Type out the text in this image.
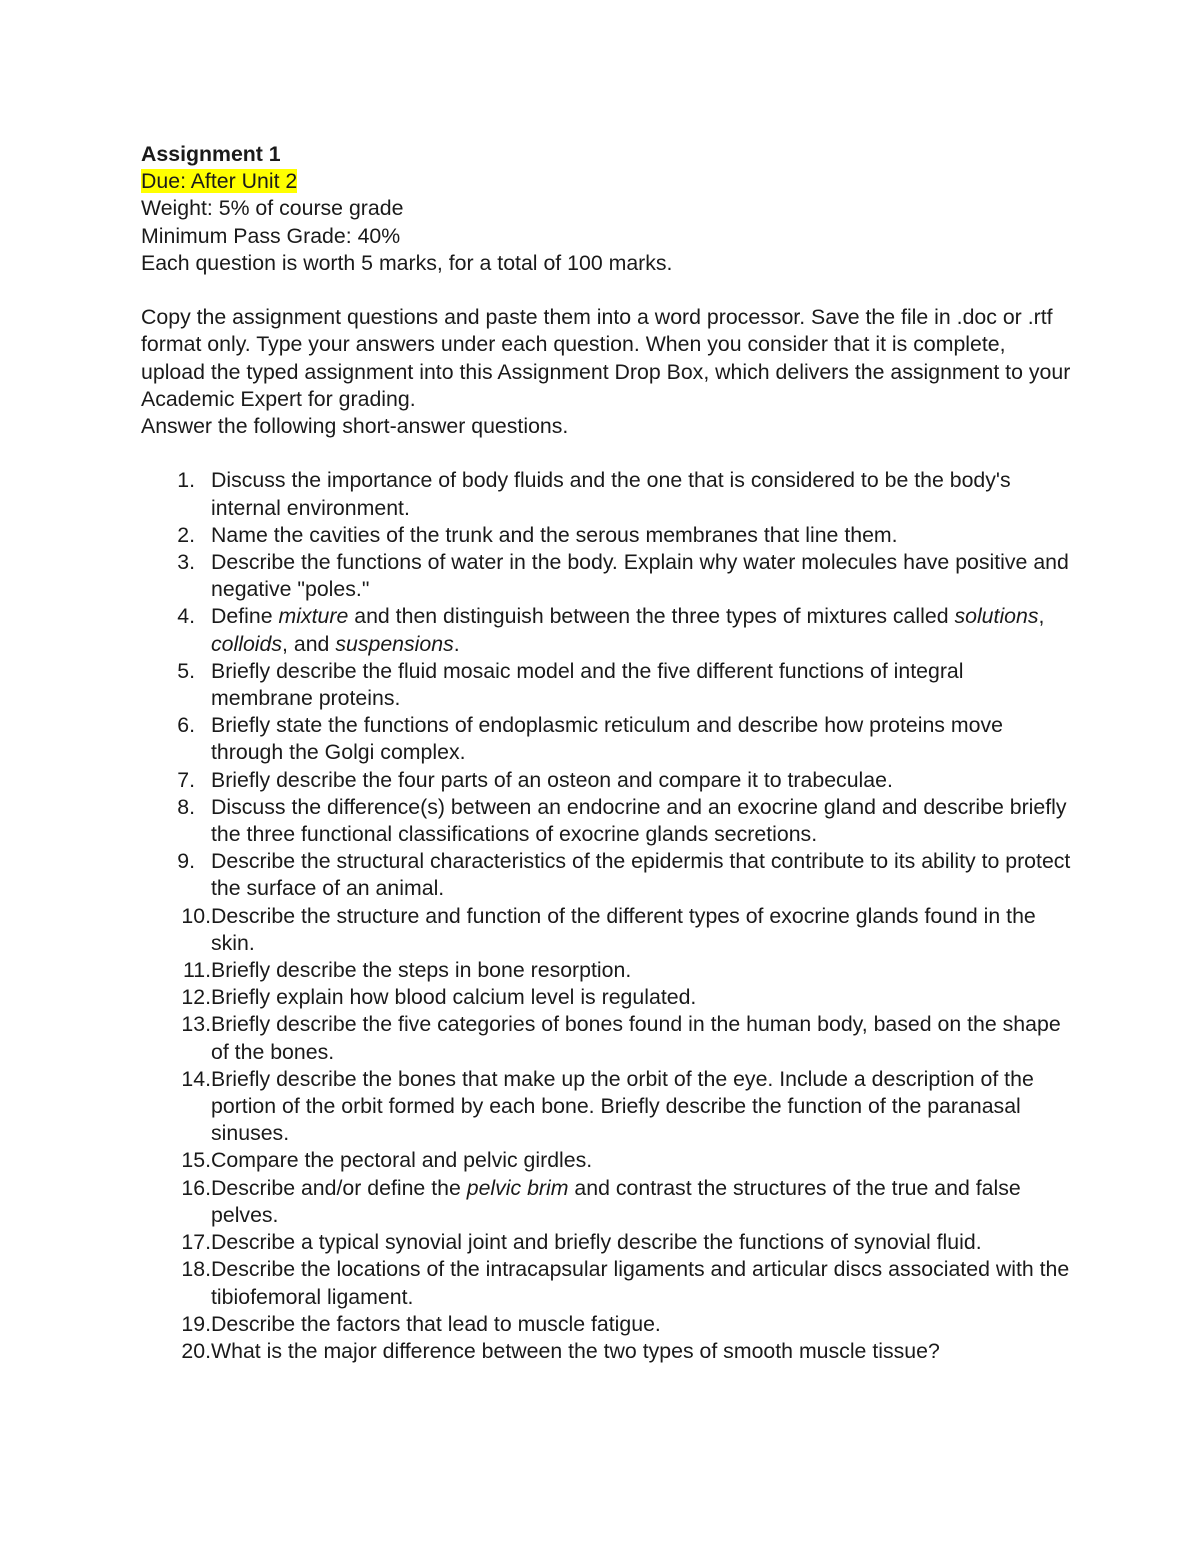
Assignment 1

Due: After Unit 2

Weight: 5% of course grade

Minimum Pass Grade: 40%

Each question is worth 5 marks, for a total of 100 marks.

Copy the assignment questions and paste them into a word processor. Save the file in .doc or .rtf format only. Type your answers under each question. When you consider that it is complete, upload the typed assignment into this Assignment Drop Box, which delivers the assignment to your Academic Expert for grading.

Answer the following short-answer questions.

1. Discuss the importance of body fluids and the one that is considered to be the body's internal environment.
2. Name the cavities of the trunk and the serous membranes that line them.
3. Describe the functions of water in the body. Explain why water molecules have positive and negative "poles."
4. Define mixture and then distinguish between the three types of mixtures called solutions, colloids, and suspensions.
5. Briefly describe the fluid mosaic model and the five different functions of integral membrane proteins.
6. Briefly state the functions of endoplasmic reticulum and describe how proteins move through the Golgi complex.
7. Briefly describe the four parts of an osteon and compare it to trabeculae.
8. Discuss the difference(s) between an endocrine and an exocrine gland and describe briefly the three functional classifications of exocrine glands secretions.
9. Describe the structural characteristics of the epidermis that contribute to its ability to protect the surface of an animal.
10. Describe the structure and function of the different types of exocrine glands found in the skin.
11. Briefly describe the steps in bone resorption.
12. Briefly explain how blood calcium level is regulated.
13. Briefly describe the five categories of bones found in the human body, based on the shape of the bones.
14. Briefly describe the bones that make up the orbit of the eye. Include a description of the portion of the orbit formed by each bone. Briefly describe the function of the paranasal sinuses.
15. Compare the pectoral and pelvic girdles.
16. Describe and/or define the pelvic brim and contrast the structures of the true and false pelves.
17. Describe a typical synovial joint and briefly describe the functions of synovial fluid.
18. Describe the locations of the intracapsular ligaments and articular discs associated with the tibiofemoral ligament.
19. Describe the factors that lead to muscle fatigue.
20. What is the major difference between the two types of smooth muscle tissue?
